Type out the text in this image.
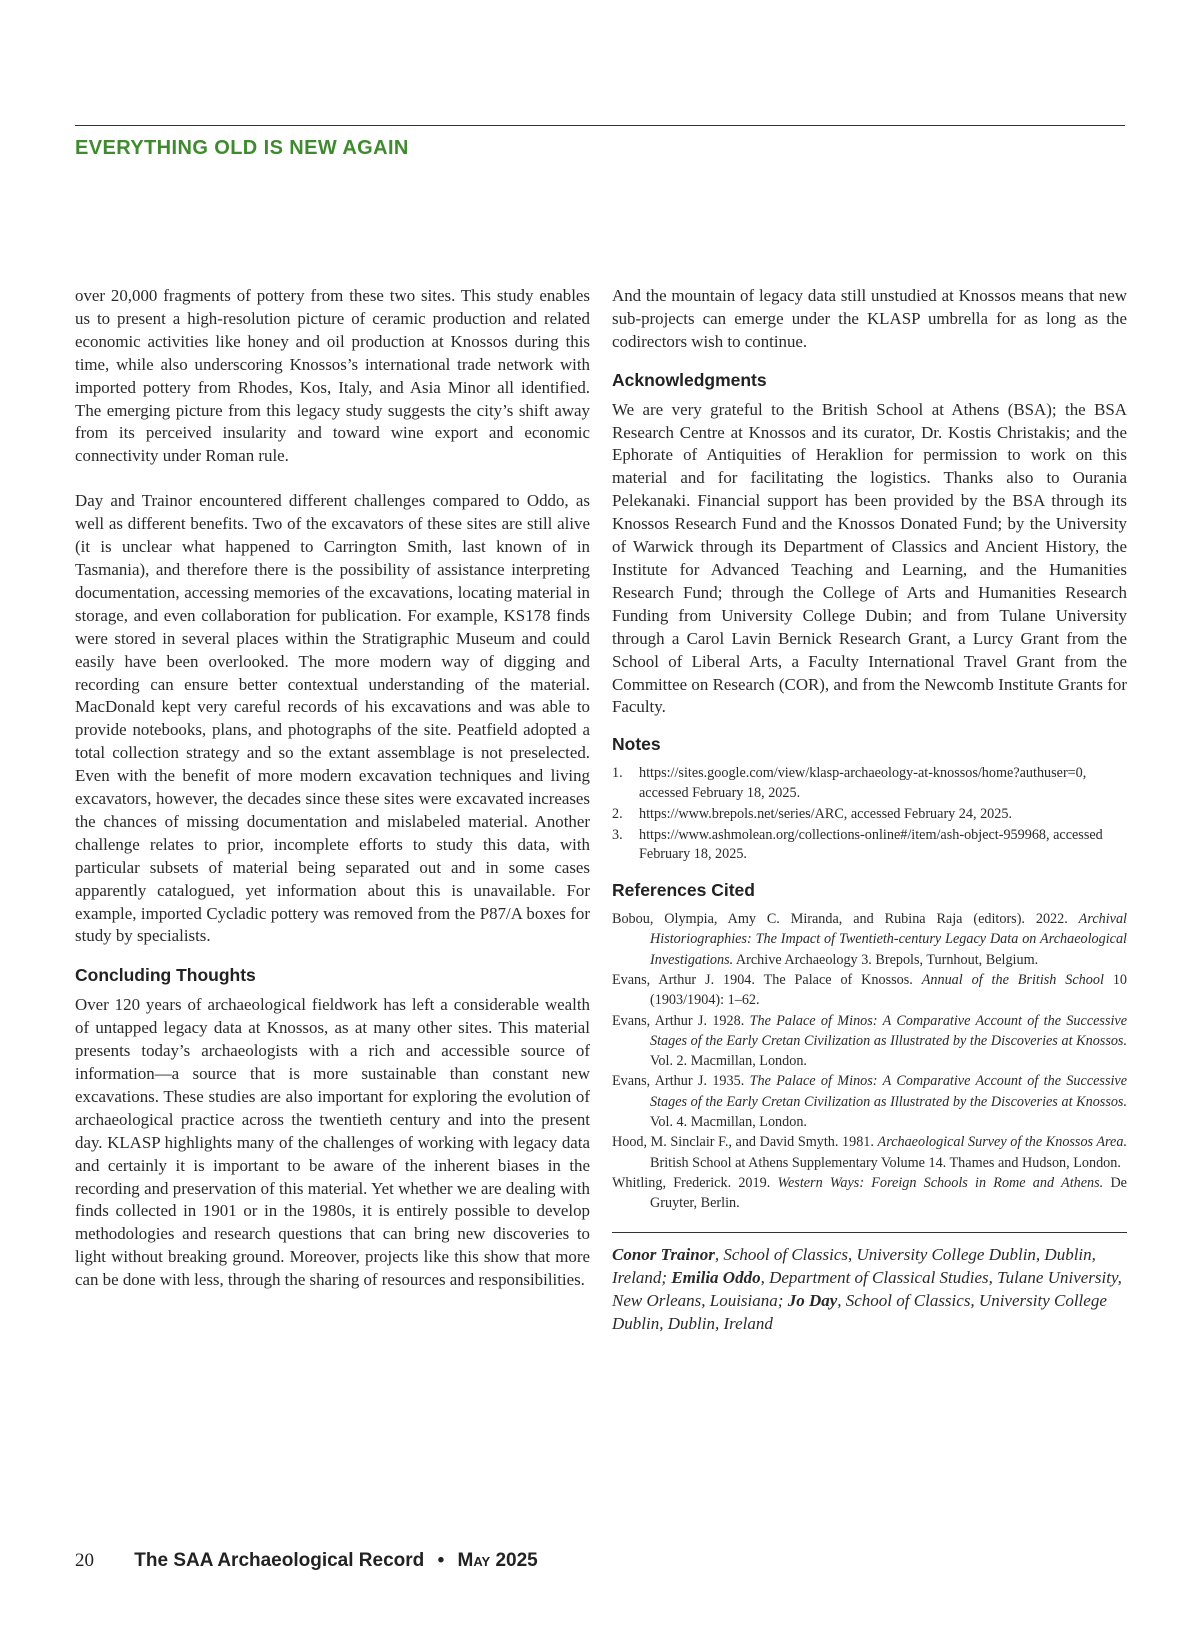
EVERYTHING OLD IS NEW AGAIN

over 20,000 fragments of pottery from these two sites. This study enables us to present a high-resolution picture of ceramic production and related economic activities like honey and oil production at Knossos during this time, while also underscoring Knossos’s international trade network with imported pottery from Rhodes, Kos, Italy, and Asia Minor all identified. The emerging picture from this legacy study suggests the city’s shift away from its perceived insularity and toward wine export and economic connectivity under Roman rule.

Day and Trainor encountered different challenges compared to Oddo, as well as different benefits. Two of the excavators of these sites are still alive (it is unclear what happened to Carrington Smith, last known of in Tasmania), and therefore there is the possibility of assistance interpreting documentation, accessing memories of the excavations, locating material in storage, and even collaboration for publication. For example, KS178 finds were stored in several places within the Stratigraphic Museum and could easily have been overlooked. The more modern way of digging and recording can ensure better contextual understanding of the material. MacDonald kept very careful records of his excavations and was able to provide notebooks, plans, and photographs of the site. Peatfield adopted a total collection strategy and so the extant assemblage is not preselected. Even with the benefit of more modern excavation techniques and living excavators, however, the decades since these sites were excavated increases the chances of missing documentation and mislabeled material. Another challenge relates to prior, incomplete efforts to study this data, with particular subsets of material being separated out and in some cases apparently catalogued, yet information about this is unavailable. For example, imported Cycladic pottery was removed from the P87/A boxes for study by specialists.

Concluding Thoughts

Over 120 years of archaeological fieldwork has left a considerable wealth of untapped legacy data at Knossos, as at many other sites. This material presents today’s archaeologists with a rich and accessible source of information—a source that is more sustainable than constant new excavations. These studies are also important for exploring the evolution of archaeological practice across the twentieth century and into the present day. KLASP highlights many of the challenges of working with legacy data and certainly it is important to be aware of the inherent biases in the recording and preservation of this material. Yet whether we are dealing with finds collected in 1901 or in the 1980s, it is entirely possible to develop methodologies and research questions that can bring new discoveries to light without breaking ground. Moreover, projects like this show that more can be done with less, through the sharing of resources and responsibilities.

And the mountain of legacy data still unstudied at Knossos means that new sub-projects can emerge under the KLASP umbrella for as long as the codirectors wish to continue.

Acknowledgments

We are very grateful to the British School at Athens (BSA); the BSA Research Centre at Knossos and its curator, Dr. Kostis Christakis; and the Ephorate of Antiquities of Heraklion for permission to work on this material and for facilitating the logistics. Thanks also to Ourania Pelekanaki. Financial support has been provided by the BSA through its Knossos Research Fund and the Knossos Donated Fund; by the University of Warwick through its Department of Classics and Ancient History, the Institute for Advanced Teaching and Learning, and the Humanities Research Fund; through the College of Arts and Humanities Research Funding from University College Dubin; and from Tulane University through a Carol Lavin Bernick Research Grant, a Lurcy Grant from the School of Liberal Arts, a Faculty International Travel Grant from the Committee on Research (COR), and from the Newcomb Institute Grants for Faculty.

Notes
1. https://sites.google.com/view/klasp-archaeology-at-knossos/home?authuser=0, accessed February 18, 2025.
2. https://www.brepols.net/series/ARC, accessed February 24, 2025.
3. https://www.ashmolean.org/collections-online#/item/ash-object-959968, accessed February 18, 2025.
References Cited

Bobou, Olympia, Amy C. Miranda, and Rubina Raja (editors). 2022. Archival Historiographies: The Impact of Twentieth-century Legacy Data on Archaeological Investigations. Archive Archaeology 3. Brepols, Turnhout, Belgium.

Evans, Arthur J. 1904. The Palace of Knossos. Annual of the British School 10 (1903/1904): 1–62.

Evans, Arthur J. 1928. The Palace of Minos: A Comparative Account of the Successive Stages of the Early Cretan Civilization as Illustrated by the Discoveries at Knossos. Vol. 2. Macmillan, London.

Evans, Arthur J. 1935. The Palace of Minos: A Comparative Account of the Successive Stages of the Early Cretan Civilization as Illustrated by the Discoveries at Knossos. Vol. 4. Macmillan, London.

Hood, M. Sinclair F., and David Smyth. 1981. Archaeological Survey of the Knossos Area. British School at Athens Supplementary Volume 14. Thames and Hudson, London.

Whitling, Frederick. 2019. Western Ways: Foreign Schools in Rome and Athens. De Gruyter, Berlin.

Conor Trainor, School of Classics, University College Dublin, Dublin, Ireland; Emilia Oddo, Department of Classical Studies, Tulane University, New Orleans, Louisiana; Jo Day, School of Classics, University College Dublin, Dublin, Ireland
20 The SAA Archaeological Record • May 2025
